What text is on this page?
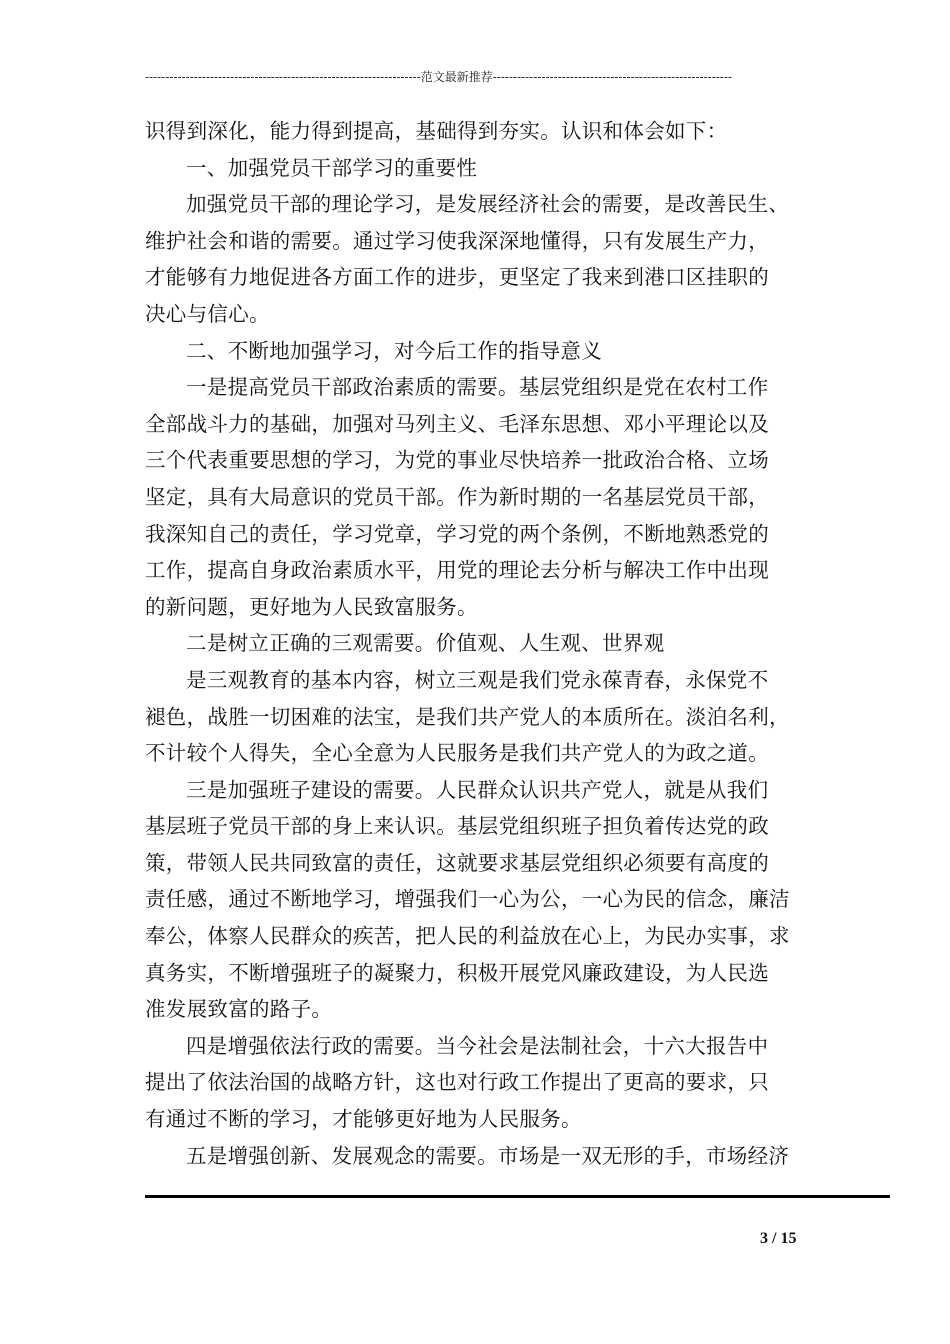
--------------------------------------------------------------------范文最新推荐-----------------------------------------------------------

识得到深化，能力得到提高，基础得到夯实。认识和体会如下：

一、加强党员干部学习的重要性

加强党员干部的理论学习，是发展经济社会的需要，是改善民生、

维护社会和谐的需要。通过学习使我深深地懂得，只有发展生产力，

才能够有力地促进各方面工作的进步，更坚定了我来到港口区挂职的

决心与信心。

二、不断地加强学习，对今后工作的指导意义

一是提高党员干部政治素质的需要。基层党组织是党在农村工作

全部战斗力的基础，加强对马列主义、毛泽东思想、邓小平理论以及

三个代表重要思想的学习，为党的事业尽快培养一批政治合格、立场

坚定，具有大局意识的党员干部。作为新时期的一名基层党员干部，

我深知自己的责任，学习党章，学习党的两个条例，不断地熟悉党的

工作，提高自身政治素质水平，用党的理论去分析与解决工作中出现

的新问题，更好地为人民致富服务。

二是树立正确的三观需要。价值观、人生观、世界观

是三观教育的基本内容，树立三观是我们党永葆青春，永保党不

褪色，战胜一切困难的法宝，是我们共产党人的本质所在。淡泊名利，

不计较个人得失，全心全意为人民服务是我们共产党人的为政之道。

三是加强班子建设的需要。人民群众认识共产党人，就是从我们

基层班子党员干部的身上来认识。基层党组织班子担负着传达党的政

策，带领人民共同致富的责任，这就要求基层党组织必须要有高度的

责任感，通过不断地学习，增强我们一心为公，一心为民的信念，廉洁

奉公，体察人民群众的疾苦，把人民的利益放在心上，为民办实事，求

真务实，不断增强班子的凝聚力，积极开展党风廉政建设，为人民选

准发展致富的路子。

四是增强依法行政的需要。当今社会是法制社会，十六大报告中

提出了依法治国的战略方针，这也对行政工作提出了更高的要求，只

有通过不断的学习，才能够更好地为人民服务。

五是增强创新、发展观念的需要。市场是一双无形的手，市场经济

3 / 15
